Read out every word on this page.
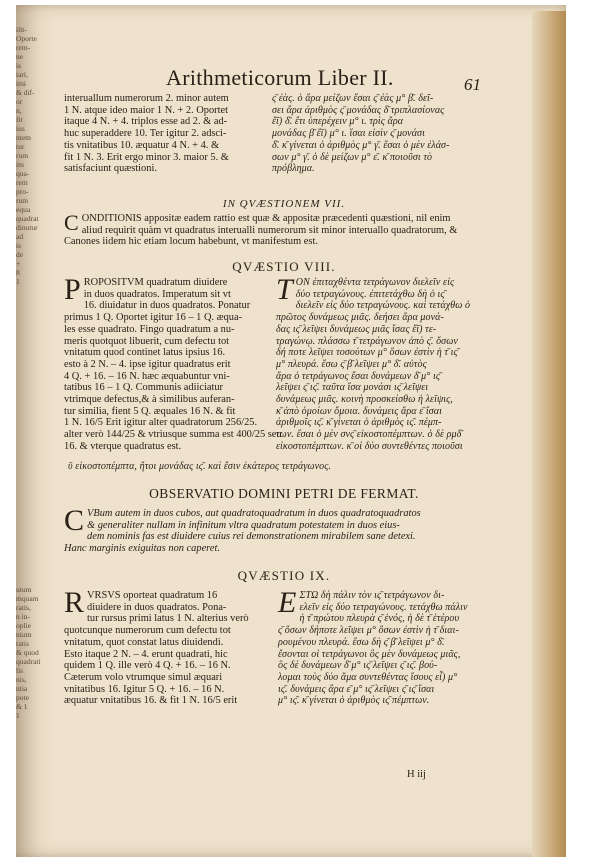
ilit-
Oporte
rem-
ne
is
iari,
imi
& dif-
or
n,
fit
ius
ntem
tur
rum
im
qua-
rem
pro-
rum
equa
quadrat
dinutur
ad
is
de
+
8
1
utum
mquam
ratis,
n in-
oplie
nium
ratis
& quod
quadrati
lis
nis,
ntia
pote
& 1
1
Arithmeticorum Liber II.	61
interuallum numerorum 2. minor autem
1 N. atque ideo maior 1 N. + 2. Oportet
itaque 4 N. + 4. triplos esse ad 2. & ad-
huc superaddere 10. Ter igitur 2. adsci-
tis vnitatibus 10. æquatur 4 N. + 4. &
fit 1 N. 3. Erit ergo minor 3. maior 5. &
satisfaciunt quæstioni.
ς̄ ἐὰς. ὁ ἄρα μείζων ἔσαι ς̄ ἐὰς μ° β̄. δεῖ-
σει ἄρα ἀριθμὸς ς̄ μονάδας δ̄ τριπλασίονας
ἔῖ) δ̄. ἔτι ὑπερέχειν μ° ι. τρὶς ἄρα
μονάδας β̄ ἔῖ) μ° ι. ἴσαι εἰσὶν ς̄ μονάσι
δ̄. κ̄ γίνεται ὁ ἀριθμὸς μ° γ̄. ἔσαι ὁ μὲν ἐλάσ-
σων μ° γ̄. ὁ δὲ μείζων μ° ε̄. κ̄ ποιοῦσι τὸ
πρόβλημα.
IN QVÆSTIONEM VII.
C ONDITIONIS appositæ eadem rattio est quæ & appositæ præcedenti quæstioni, nil enim
aliud requirit quàm vt quadratus interualli numerorum sit minor interuallo quadratorum, &
Canones iidem hic etiam locum habebunt, vt manifestum est.
QVÆSTIO VIII.
P ROPOSITVM quadratum diuidere
in duos quadratos. Imperatum sit vt
16. diuidatur in duos quadratos. Ponatur
primus 1 Q. Oportet igitur 16 – 1 Q. æqua-
les esse quadrato. Fingo quadratum a nu-
meris quotquot libuerit, cum defectu tot
vnitatum quod continet latus ipsius 16.
esto à 2 N. – 4. ipse igitur quadratus erit
4 Q. + 16. – 16 N. hæc æquabuntur vni-
tatibus 16 – 1 Q. Communis adiiciatur
vtrimque defectus,& à similibus auferan-
tur similia, fient 5 Q. æquales 16 N. & fit
1 N. 16/5 Erit igitur alter quadratorum 256/25.
alter verò 144/25 & vtriusque summa est 400/25 seu
16. & vterque quadratus est.
T ΟΝ ἐπιταχθέντα τετράγωνον διελεῖν εἰς
δύο τετραγώνους. ἐπιτετάχθω δὴ ὁ ις̄
διελεῖν εἰς δύο τετραγώνους. καὶ τετάχθω ὁ
πρῶτος δυνάμεως μιᾶς. δεήσει ἄρα μονά-
δας ις̄ λεῖψει δυνάμεως μιᾶς ἴσας ἔῖ) τε-
τραγώνῳ. πλάσσω τ̄ τετράγωνον ἀπὸ ς̄. ὅσων
δή ποτε λεῖψει τοσούτων μ° ὅσων ἐστὶν ἡ τ̄ ις̄
μ° πλευρά. ἔσω ς̄ β̄ λεῖψει μ° δ̄. αὐτὸς
ἄρα ὁ τετράγωνος ἔσαι δυνάμεων δ̄ μ° ις̄
λεῖψει ς̄ ις̄. ταῦτα ἴσα μονάσι ις̄ λεῖψει
δυνάμεως μιᾶς. κοινὴ προσκείσθω ἡ λεῖψις,
κ̄ ἀπὸ ὁμοίων ὅμοια. δυνάμεις ἄρα ε̄ ἴσαι
ἀριθμοῖς ις̄. κ̄ γίνεται ὁ ἀριθμὸς ις̄. πέμπ-
των. ἔσαι ὁ μὲν σνς̄ εἰκοστοπέμπτων. ὁ δὲ ρμδ̄
εἰκοστοπέμπτων. κ̄ οἱ δύο συντεθέντες ποιοῦσι
ῡ εἰκοστοπέμπτα, ἤτοι μονάδας ις̄. καὶ ἔσιν ἑκάτερος τετράγωνος.
OBSERVATIO DOMINI PETRI DE FERMAT.
C VBum autem in duos cubos, aut quadratoquadratum in duos quadratoquadratos
& generaliter nullam in infinitum vltra quadratum potestatem in duos eius-
dem nominis fas est diuidere cuius rei demonstrationem mirabilem sane detexi.
Hanc marginis exiguitas non caperet.
QVÆSTIO IX.
R VRSVS oporteat quadratum 16
diuidere in duos quadratos. Pona-
tur rursus primi latus 1 N. alterius verò
quotcunque numerorum cum defectu tot
vnitatum, quot constat latus diuidendi.
Esto itaque 2 N. – 4. erunt quadrati, hic
quidem 1 Q. ille verò 4 Q. + 16. – 16 N.
Cæterum volo vtrumque simul æquari
vnitatibus 16. Igitur 5 Q. + 16. – 16 N.
æquatur vnitatibus 16. & fit 1 N. 16/5 erit
E ΣΤΩ δὴ πάλιν τὸν ις̄ τετράγωνον δι-
ελεῖν εἰς δύο τετραγώνους. τετάχθω πάλιν
ἡ τ̄ πρώτου πλευρὰ ς̄ ἑνός, ἡ δὲ τ̄ ἑτέρου
ς̄ ὅσων δήποτε λεῖψει μ° ὅσων ἐστὶν ἡ τ̄ διαι-
ρουμένου πλευρά. ἔσω δὴ ς̄ β̄ λεῖψει μ° δ̄.
ἔσονται οἱ τετράγωνοι ὃς μὲν δυνάμεως μιᾶς,
ὃς δὲ δυνάμεων δ̄ μ° ις̄ λεῖψει ς̄ ις̄. βού-
λομαι τοὺς δύο ἅμα συντεθέντας ἴσους εἶ) μ°
ις̄. δυνάμεις ἄρα ε̄ μ° ις̄ λεῖψει ς̄ ις̄ ἴσαι
μ° ις̄. κ̄ γίνεται ὁ ἀριθμὸς ις̄ πέμπτων.
H iij
